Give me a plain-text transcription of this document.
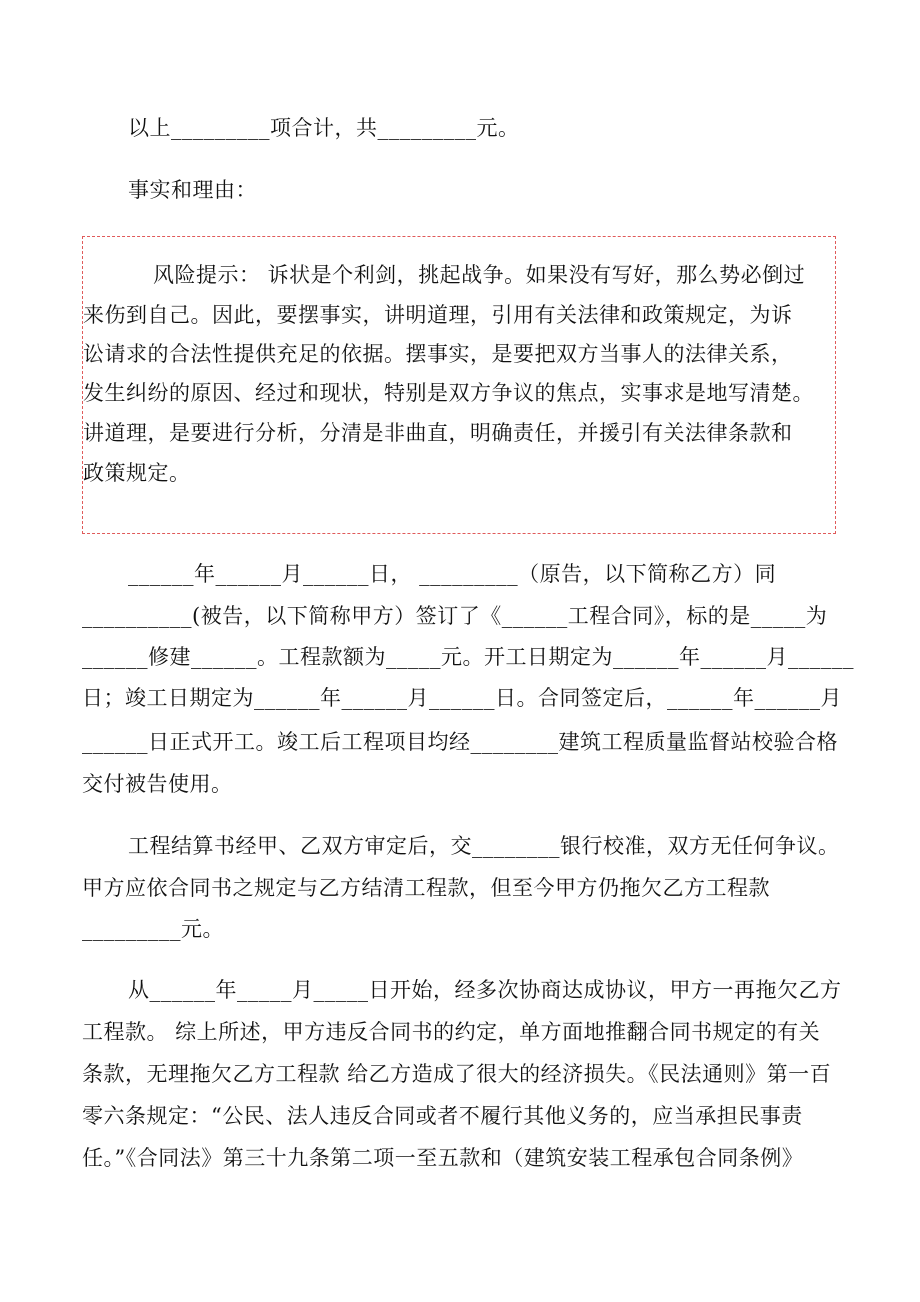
以上_________项合计，共_________元。
事实和理由：
风险提示： 诉状是个利剑，挑起战争。如果没有写好，那么势必倒过
来伤到自己。因此，要摆事实，讲明道理，引用有关法律和政策规定，为诉
讼请求的合法性提供充足的依据。摆事实，是要把双方当事人的法律关系，
发生纠纷的原因、经过和现状，特别是双方争议的焦点，实事求是地写清楚。
讲道理，是要进行分析，分清是非曲直，明确责任，并援引有关法律条款和
政策规定。
______年______月______日， _________（原告，以下简称乙方）同
__________(被告，以下简称甲方）签订了《______工程合同》，标的是_____为
______修建______。工程款额为_____元。开工日期定为______年______月______
日；竣工日期定为______年______月______日。合同签定后，______年______月
______日正式开工。竣工后工程项目均经________建筑工程质量监督站校验合格
交付被告使用。
工程结算书经甲、乙双方审定后，交________银行校准，双方无任何争议。
甲方应依合同书之规定与乙方结清工程款，但至今甲方仍拖欠乙方工程款
_________元。
从______年_____月_____日开始，经多次协商达成协议，甲方一再拖欠乙方
工程款。 综上所述，甲方违反合同书的约定，单方面地推翻合同书规定的有关
条款，无理拖欠乙方工程款 给乙方造成了很大的经济损失。《民法通则》第一百
零六条规定：“公民、法人违反合同或者不履行其他义务的，应当承担民事责
任。”《合同法》第三十九条第二项一至五款和（建筑安装工程承包合同条例》
